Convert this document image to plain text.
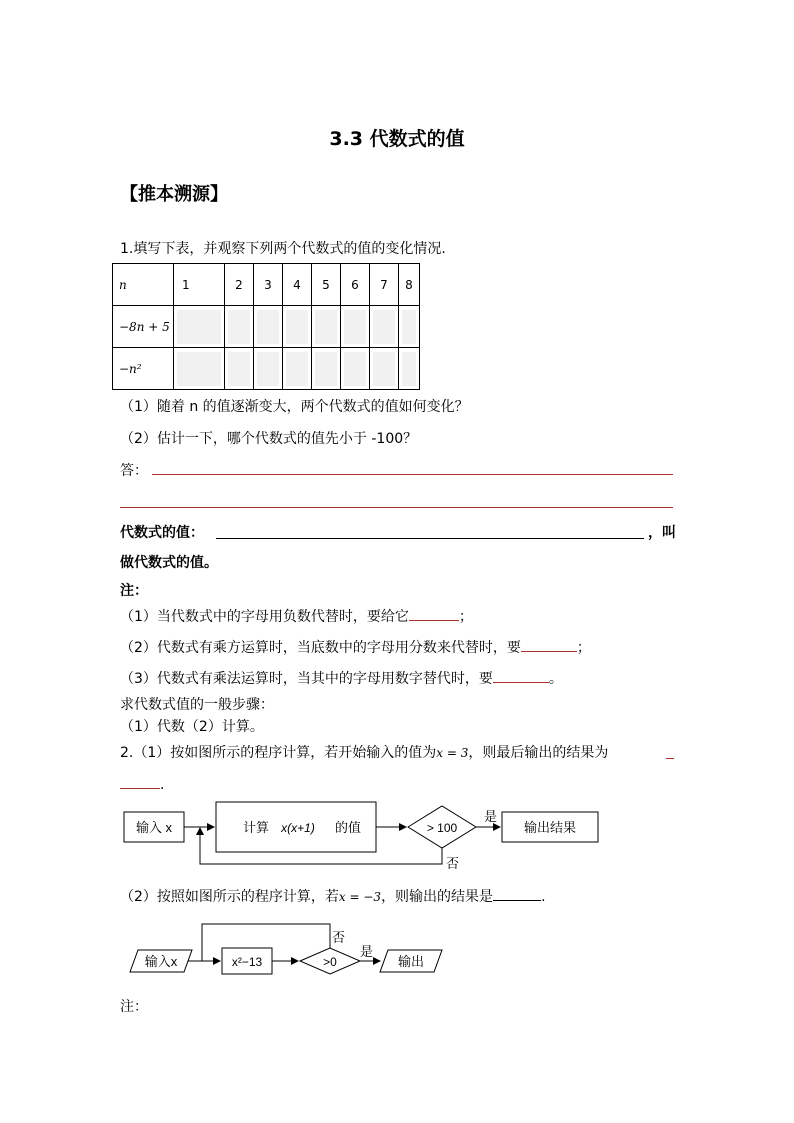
3.3 代数式的值
【推本溯源】
1.填写下表，并观察下列两个代数式的值的变化情况.
n	1	2	3	4	5	6	7	8
−8n + 5	

−n²	

（1）随着 n 的值逐渐变大，两个代数式的值如何变化？
（2）估计一下，哪个代数式的值先小于 -100？
答：
代数式的值：	，叫
做代数式的值。
注：
（1）当代数式中的字母用负数代替时，要给它	；
（2）代数式有乘方运算时，当底数中的字母用分数来代替时，要	；
（3）代数式有乘法运算时，当其中的字母用数字替代时，要	。
求代数式值的一般步骤：
（1）代数（2）计算。
2.（1）按如图所示的程序计算，若开始输入的值为x = 3，则最后输出的结果为
.
输入 x	计算 x(x+1) 的值	> 100
是
输出结果
否
（2）按照如图所示的程序计算，若x = −3，则输出的结果是	.
输入x	x²−13	>0
是
输出
否
注：
